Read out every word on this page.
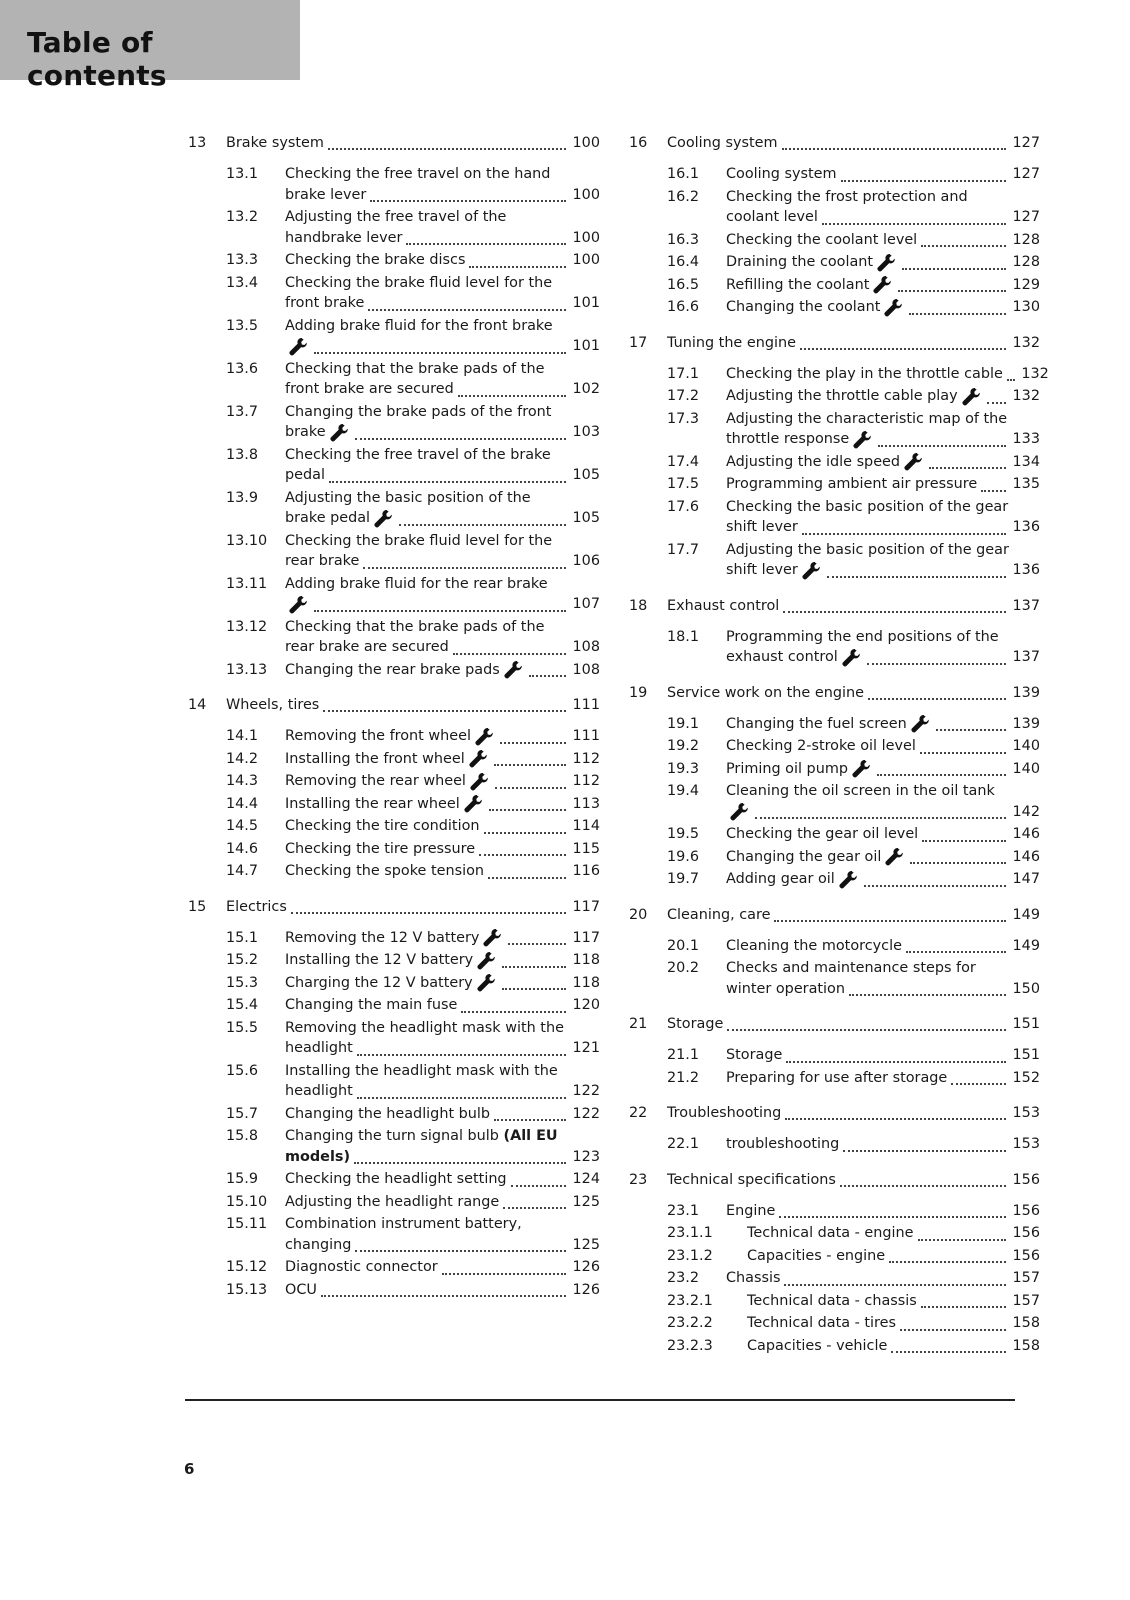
Table of contents
13	Brake system	100
13.1	Checking the free travel on the hand
brake lever	100
13.2	Adjusting the free travel of the
handbrake lever	100
13.3	Checking the brake discs	100
13.4	Checking the brake fluid level for the
front brake	101
13.5	Adding brake fluid for the front brake
101
13.6	Checking that the brake pads of the
front brake are secured	102
13.7	Changing the brake pads of the front
brake	103
13.8	Checking the free travel of the brake
pedal	105
13.9	Adjusting the basic position of the
brake pedal	105
13.10	Checking the brake fluid level for the
rear brake	106
13.11	Adding brake fluid for the rear brake
107
13.12	Checking that the brake pads of the
rear brake are secured	108
13.13	Changing the rear brake pads	108
14	Wheels, tires	111
14.1	Removing the front wheel	111
14.2	Installing the front wheel	112
14.3	Removing the rear wheel	112
14.4	Installing the rear wheel	113
14.5	Checking the tire condition	114
14.6	Checking the tire pressure	115
14.7	Checking the spoke tension	116
15	Electrics	117
15.1	Removing the 12 V battery	117
15.2	Installing the 12 V battery	118
15.3	Charging the 12 V battery	118
15.4	Changing the main fuse	120
15.5	Removing the headlight mask with the
headlight	121
15.6	Installing the headlight mask with the
headlight	122
15.7	Changing the headlight bulb	122
15.8	Changing the turn signal bulb (All EU
models)	123
15.9	Checking the headlight setting	124
15.10	Adjusting the headlight range	125
15.11	Combination instrument battery,
changing	125
15.12	Diagnostic connector	126
15.13	OCU	126
16	Cooling system	127
16.1	Cooling system	127
16.2	Checking the frost protection and
coolant level	127
16.3	Checking the coolant level	128
16.4	Draining the coolant	128
16.5	Refilling the coolant	129
16.6	Changing the coolant	130
17	Tuning the engine	132
17.1	Checking the play in the throttle cable 132
17.2	Adjusting the throttle cable play	132
17.3	Adjusting the characteristic map of the
throttle response	133
17.4	Adjusting the idle speed	134
17.5	Programming ambient air pressure 135
17.6	Checking the basic position of the gear
shift lever	136
17.7	Adjusting the basic position of the gear
shift lever	136
18	Exhaust control	137
18.1	Programming the end positions of the
exhaust control	137
19	Service work on the engine	139
19.1	Changing the fuel screen	139
19.2	Checking 2-stroke oil level	140
19.3	Priming oil pump	140
19.4	Cleaning the oil screen in the oil tank
142
19.5	Checking the gear oil level	146
19.6	Changing the gear oil	146
19.7	Adding gear oil	147
20	Cleaning, care	149
20.1	Cleaning the motorcycle	149
20.2	Checks and maintenance steps for
winter operation	150
21	Storage	151
21.1	Storage	151
21.2	Preparing for use after storage	152
22	Troubleshooting	153
22.1	troubleshooting	153
23	Technical specifications	156
23.1	Engine	156
23.1.1	Technical data - engine	156
23.1.2	Capacities - engine	156
23.2	Chassis	157
23.2.1	Technical data - chassis	157
23.2.2	Technical data - tires	158
23.2.3	Capacities - vehicle	158
6
